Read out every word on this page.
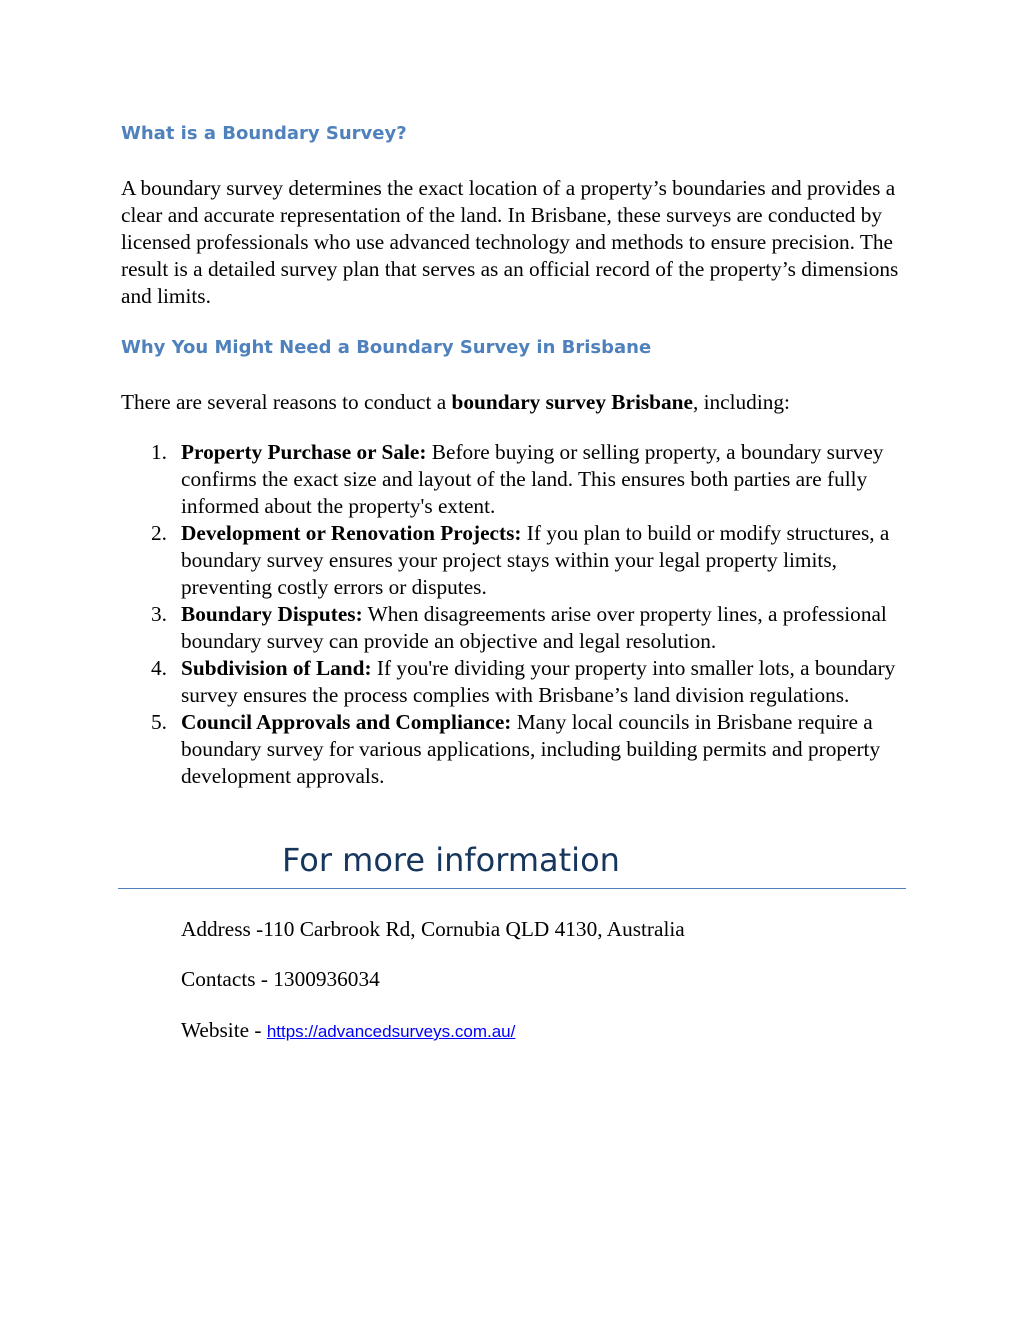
What is a Boundary Survey?

A boundary survey determines the exact location of a property’s boundaries and provides a clear and accurate representation of the land. In Brisbane, these surveys are conducted by licensed professionals who use advanced technology and methods to ensure precision. The result is a detailed survey plan that serves as an official record of the property’s dimensions and limits.

Why You Might Need a Boundary Survey in Brisbane

There are several reasons to conduct a boundary survey Brisbane, including:

1. Property Purchase or Sale: Before buying or selling property, a boundary survey confirms the exact size and layout of the land. This ensures both parties are fully informed about the property's extent.
2. Development or Renovation Projects: If you plan to build or modify structures, a boundary survey ensures your project stays within your legal property limits, preventing costly errors or disputes.
3. Boundary Disputes: When disagreements arise over property lines, a professional boundary survey can provide an objective and legal resolution.
4. Subdivision of Land: If you're dividing your property into smaller lots, a boundary survey ensures the process complies with Brisbane’s land division regulations.
5. Council Approvals and Compliance: Many local councils in Brisbane require a boundary survey for various applications, including building permits and property development approvals.
For more information

Address -110 Carbrook Rd, Cornubia QLD 4130, Australia

Contacts - 1300936034

Website - https://advancedsurveys.com.au/
